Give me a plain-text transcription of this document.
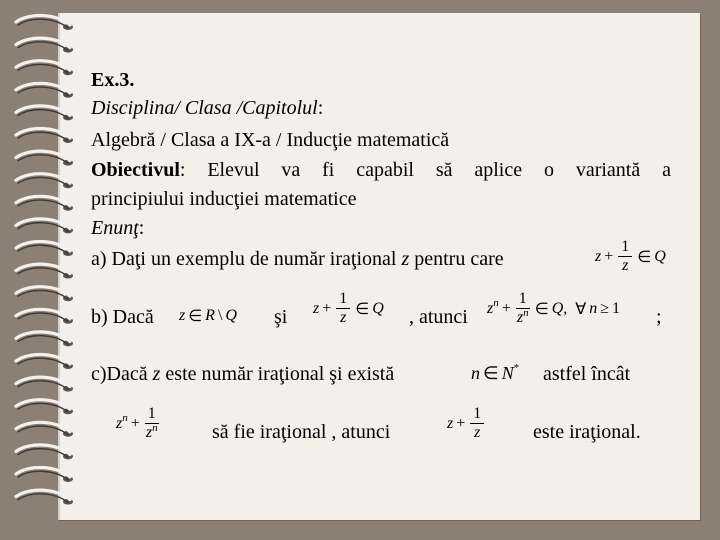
Ex.3.
Disciplina/ Clasa /Capitolul:
Algebră / Clasa a IX-a / Inducţie matematică
Obiectivul: Elevul va fi capabil să aplice o variantă a
principiului inducţiei matematice
Enunţ:
a) Daţi un exemplu de număr iraţional z pentru care	$z + \frac{1}{z}$ ∈ Q
b) Dacă z ∈ R \ Q şi $z + \frac{1}{z}$ ∈ Q , atunci z $n + \frac{1}{z^n}$ ∈ Q , ∀ n ≥ 1 ;
c)Dacă z este număr iraţional şi există	n ∈ N * astfel încât
z $n + \frac{1}{z^n}$	să fie iraţional , atunci	$z + \frac{1}{z}$ este iraţional.
